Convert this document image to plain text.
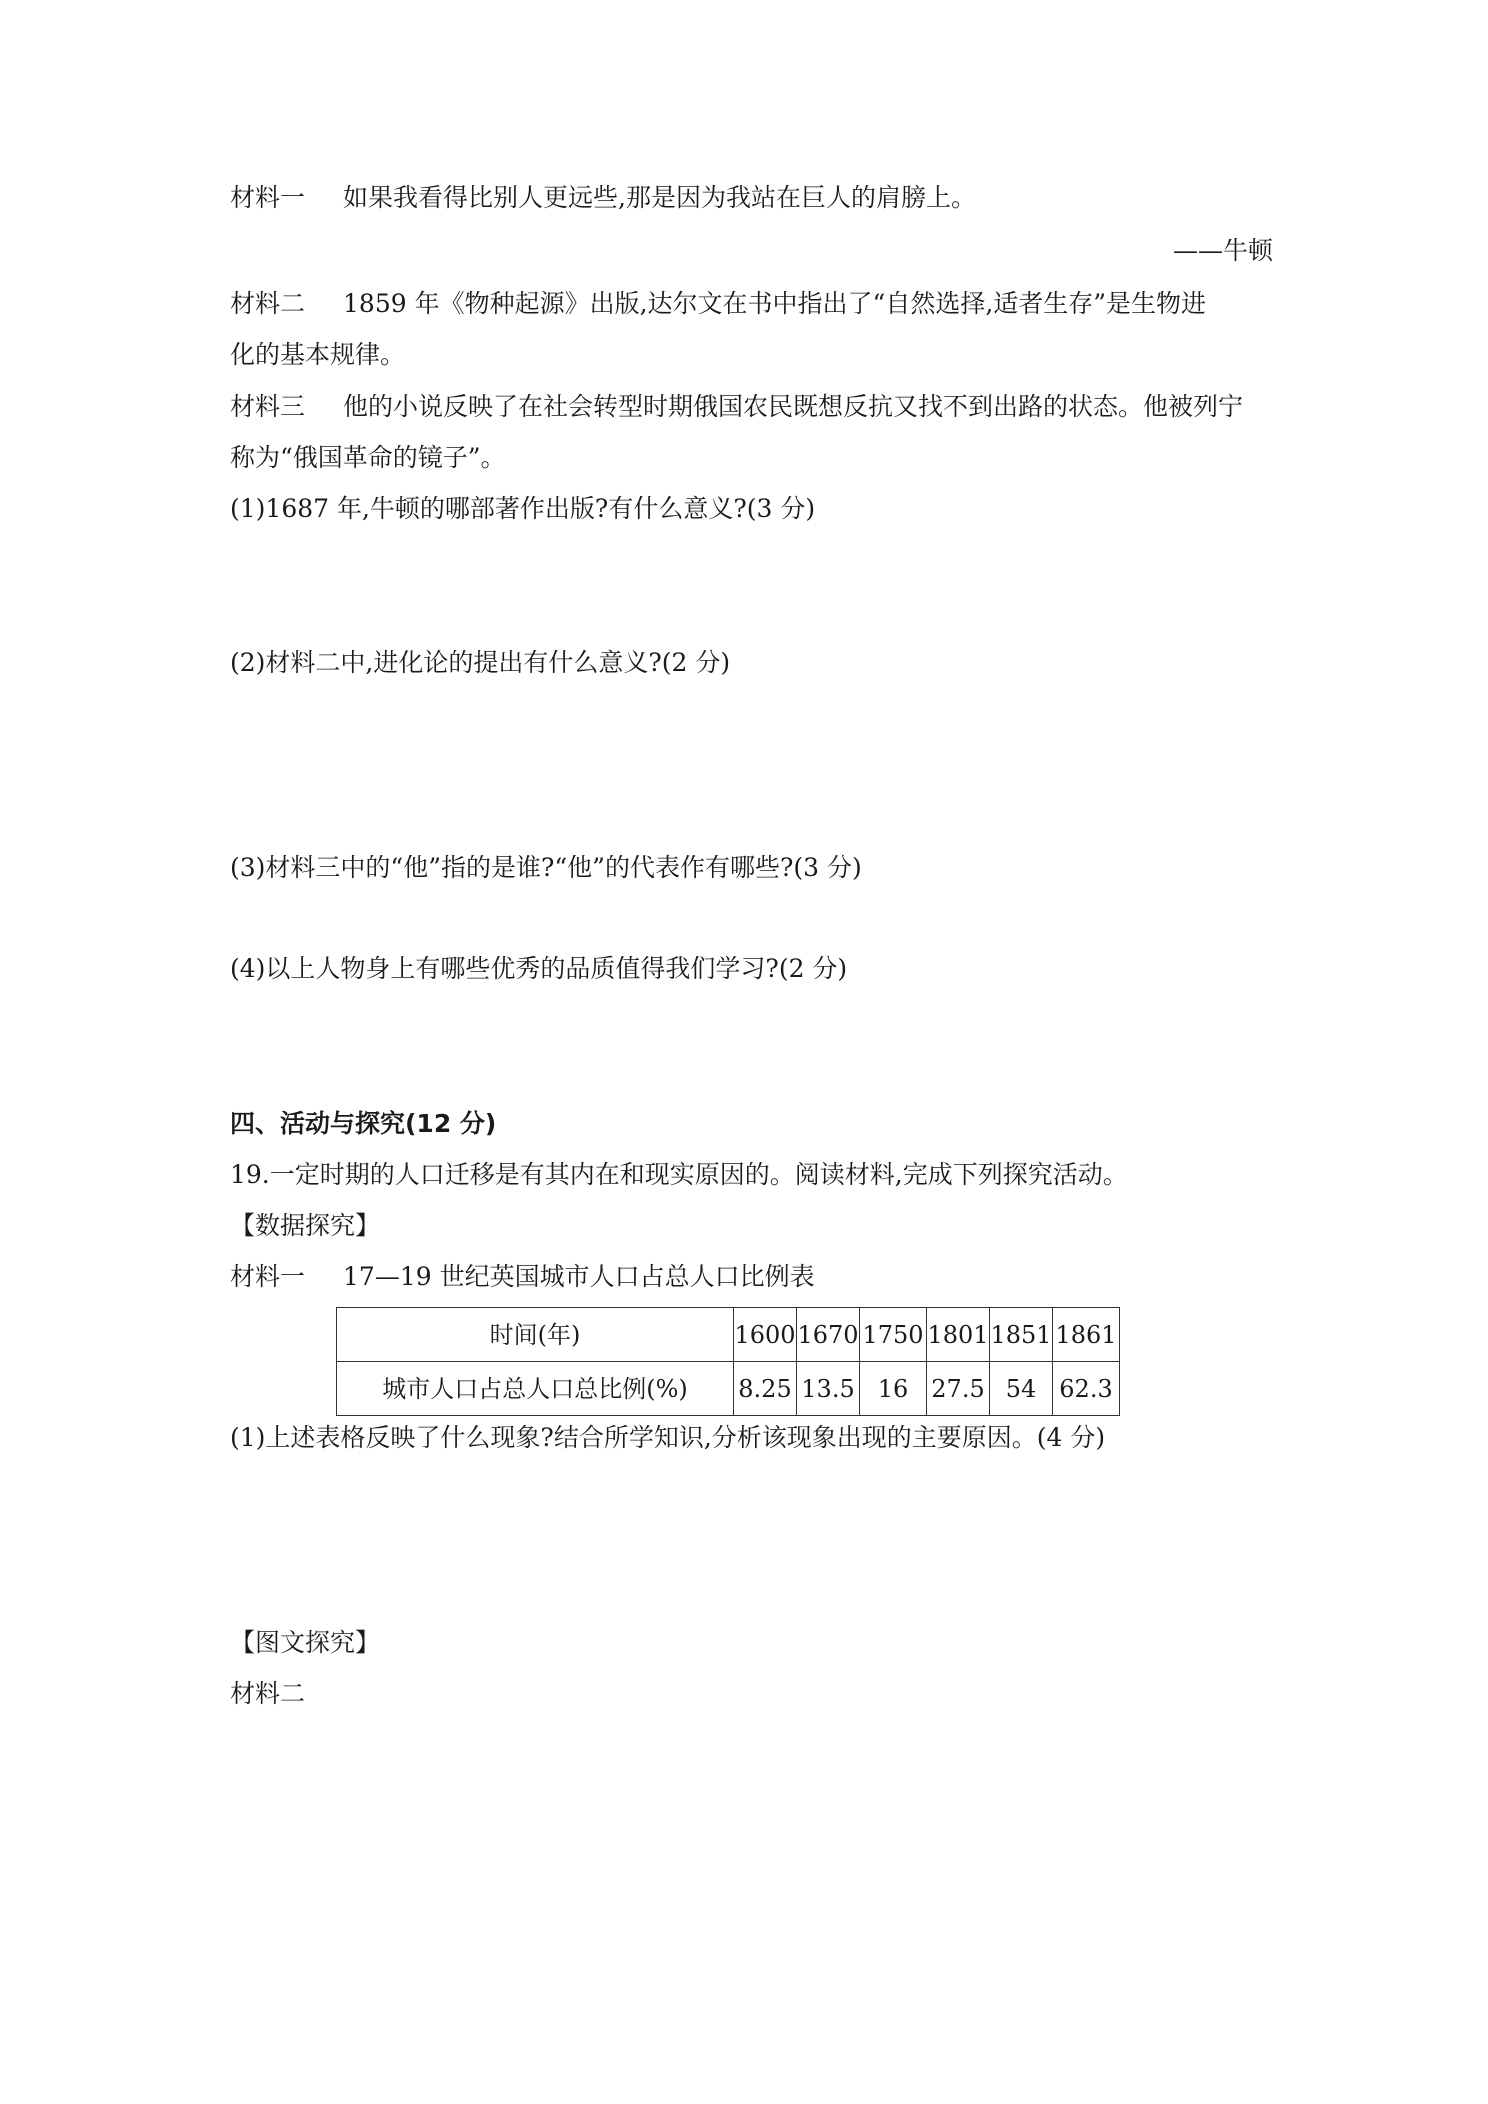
材料一 如果我看得比别人更远些,那是因为我站在巨人的肩膀上。
——牛顿
材料二 1859 年《物种起源》出版,达尔文在书中指出了“自然选择,适者生存”是生物进
化的基本规律。
材料三 他的小说反映了在社会转型时期俄国农民既想反抗又找不到出路的状态。他被列宁
称为“俄国革命的镜子”。
(1)1687 年,牛顿的哪部著作出版?有什么意义?(3 分)
(2)材料二中,进化论的提出有什么意义?(2 分)
(3)材料三中的“他”指的是谁?“他”的代表作有哪些?(3 分)
(4)以上人物身上有哪些优秀的品质值得我们学习?(2 分)
四、活动与探究(12 分)
19.一定时期的人口迁移是有其内在和现实原因的。阅读材料,完成下列探究活动。
【数据探究】
材料一 17—19 世纪英国城市人口占总人口比例表
时间(年)	1600	1670	1750	1801	1851	1861
城市人口占总人口总比例(%)	8.25	13.5	16	27.5	54	62.3
(1)上述表格反映了什么现象?结合所学知识,分析该现象出现的主要原因。(4 分)
【图文探究】
材料二
